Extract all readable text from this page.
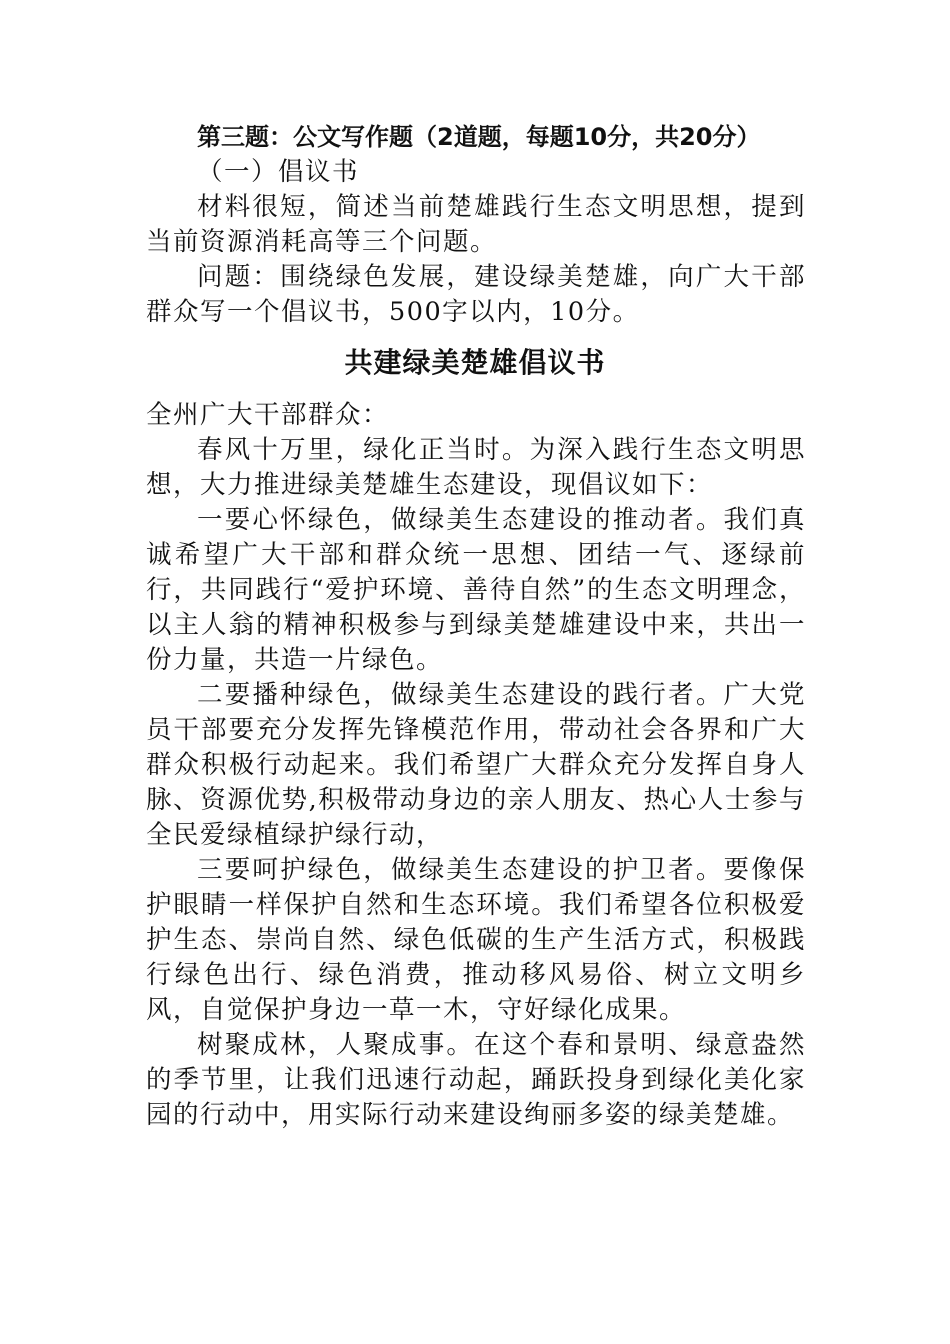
第三题：公文写作题（2道题，每题10分，共20分）

（一）倡议书

材料很短，简述当前楚雄践行生态文明思想，提到当前资源消耗高等三个问题。

问题：围绕绿色发展，建设绿美楚雄，向广大干部群众写一个倡议书，500字以内，10分。

共建绿美楚雄倡议书

全州广大干部群众：

春风十万里，绿化正当时。为深入践行生态文明思想，大力推进绿美楚雄生态建设，现倡议如下：

一要心怀绿色，做绿美生态建设的推动者。我们真诚希望广大干部和群众统一思想、团结一气、逐绿前行，共同践行“爱护环境、善待自然”的生态文明理念，以主人翁的精神积极参与到绿美楚雄建设中来，共出一份力量，共造一片绿色。

二要播种绿色，做绿美生态建设的践行者。广大党员干部要充分发挥先锋模范作用，带动社会各界和广大群众积极行动起来。我们希望广大群众充分发挥自身人脉、资源优势,积极带动身边的亲人朋友、热心人士参与全民爱绿植绿护绿行动，

三要呵护绿色，做绿美生态建设的护卫者。要像保护眼睛一样保护自然和生态环境。我们希望各位积极爱护生态、崇尚自然、绿色低碳的生产生活方式，积极践行绿色出行、绿色消费，推动移风易俗、树立文明乡风，自觉保护身边一草一木，守好绿化成果。

树聚成林，人聚成事。在这个春和景明、绿意盎然的季节里，让我们迅速行动起，踊跃投身到绿化美化家园的行动中，用实际行动来建设绚丽多姿的绿美楚雄。
